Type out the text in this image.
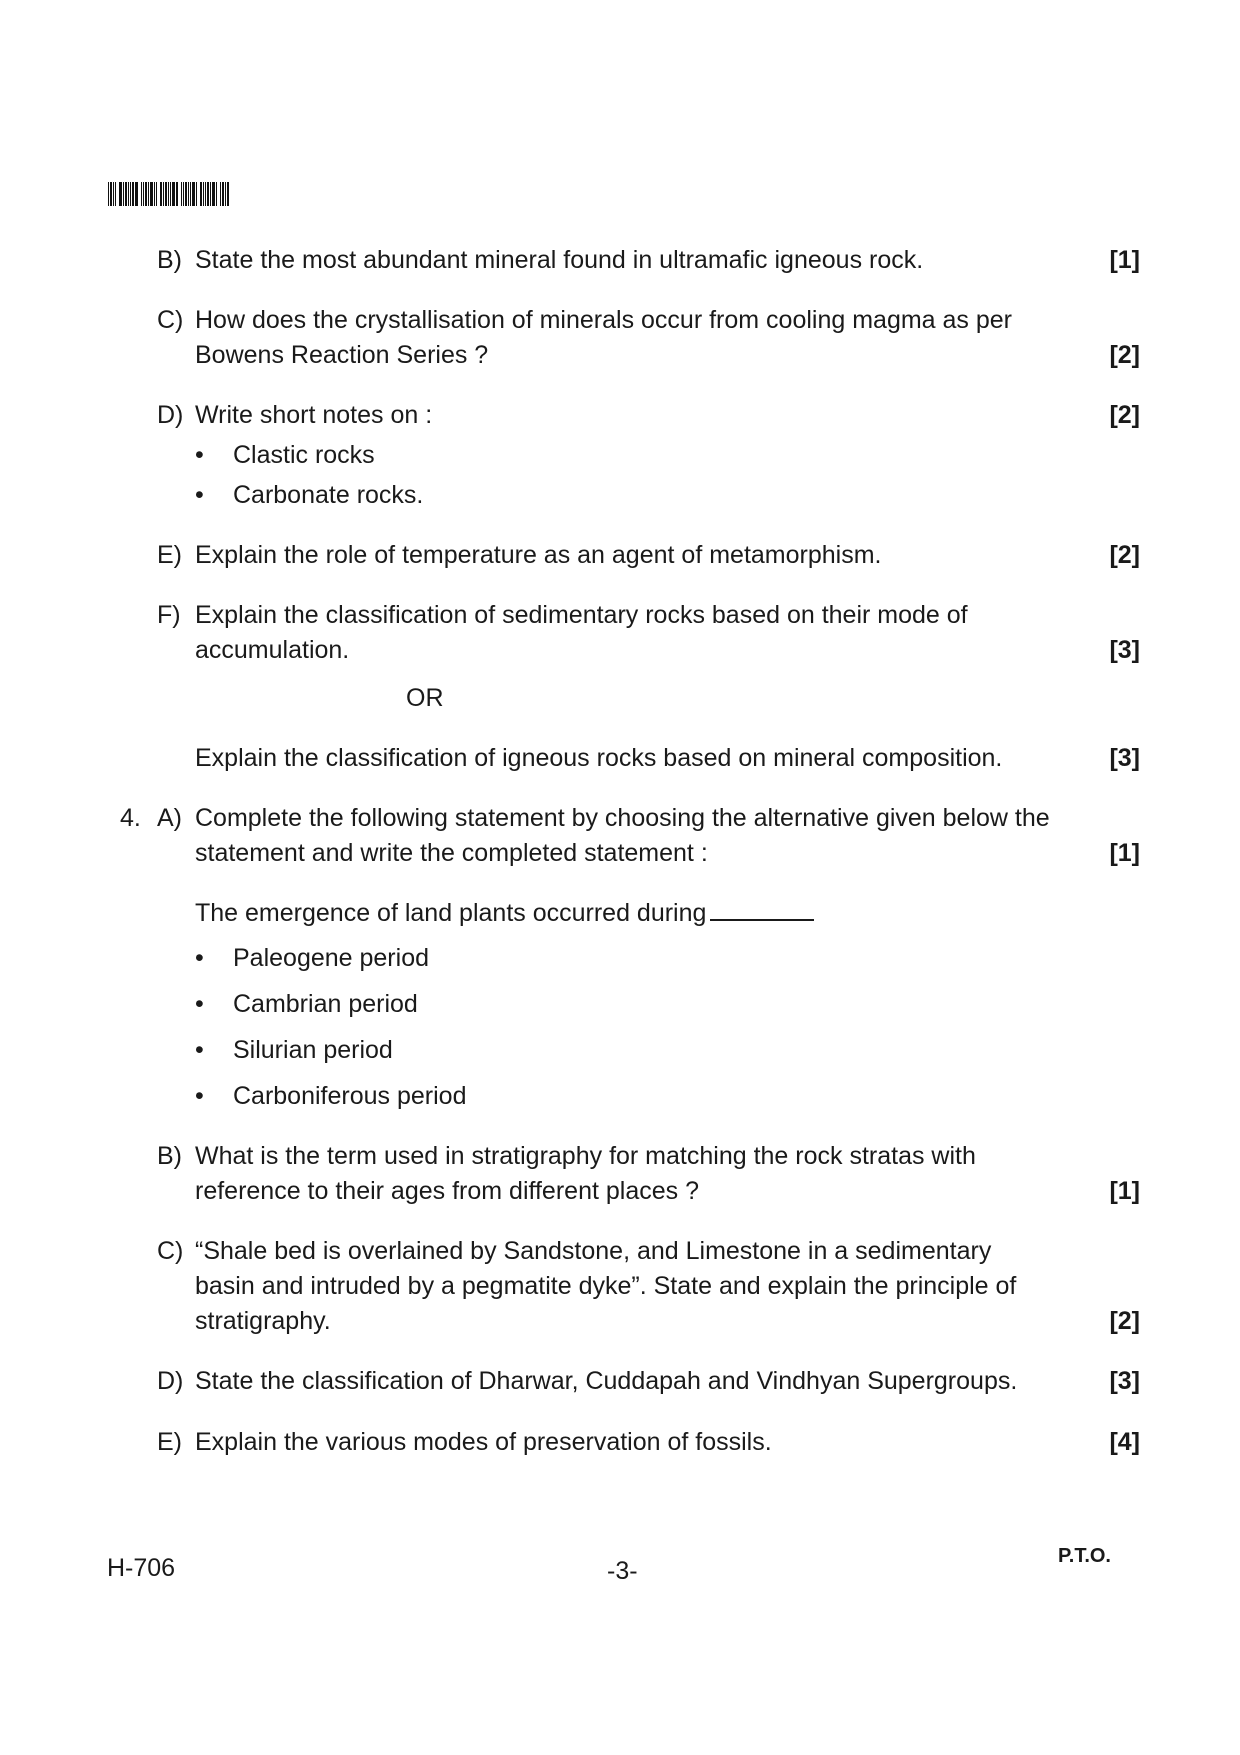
B) State the most abundant mineral found in ultramafic igneous rock.	[1]
C) How does the crystallisation of minerals occur from cooling magma as per
Bowens Reaction Series ?	[2]
D) Write short notes on :	[2]
• Clastic rocks
• Carbonate rocks.
E) Explain the role of temperature as an agent of metamorphism.	[2]
F) Explain the classification of sedimentary rocks based on their mode of
accumulation.	[3]
OR
Explain the classification of igneous rocks based on mineral composition.	[3]
4. A) Complete the following statement by choosing the alternative given below the
statement and write the completed statement :	[1]
The emergence of land plants occurred during
• Paleogene period
• Cambrian period
• Silurian period
• Carboniferous period
B) What is the term used in stratigraphy for matching the rock stratas with
reference to their ages from different places ?	[1]
C) “Shale bed is overlained by Sandstone, and Limestone in a sedimentary
basin and intruded by a pegmatite dyke”. State and explain the principle of
stratigraphy.	[2]
D) State the classification of Dharwar, Cuddapah and Vindhyan Supergroups.	[3]
E) Explain the various modes of preservation of fossils.	[4]
H-706	-3-
P.T.O.
